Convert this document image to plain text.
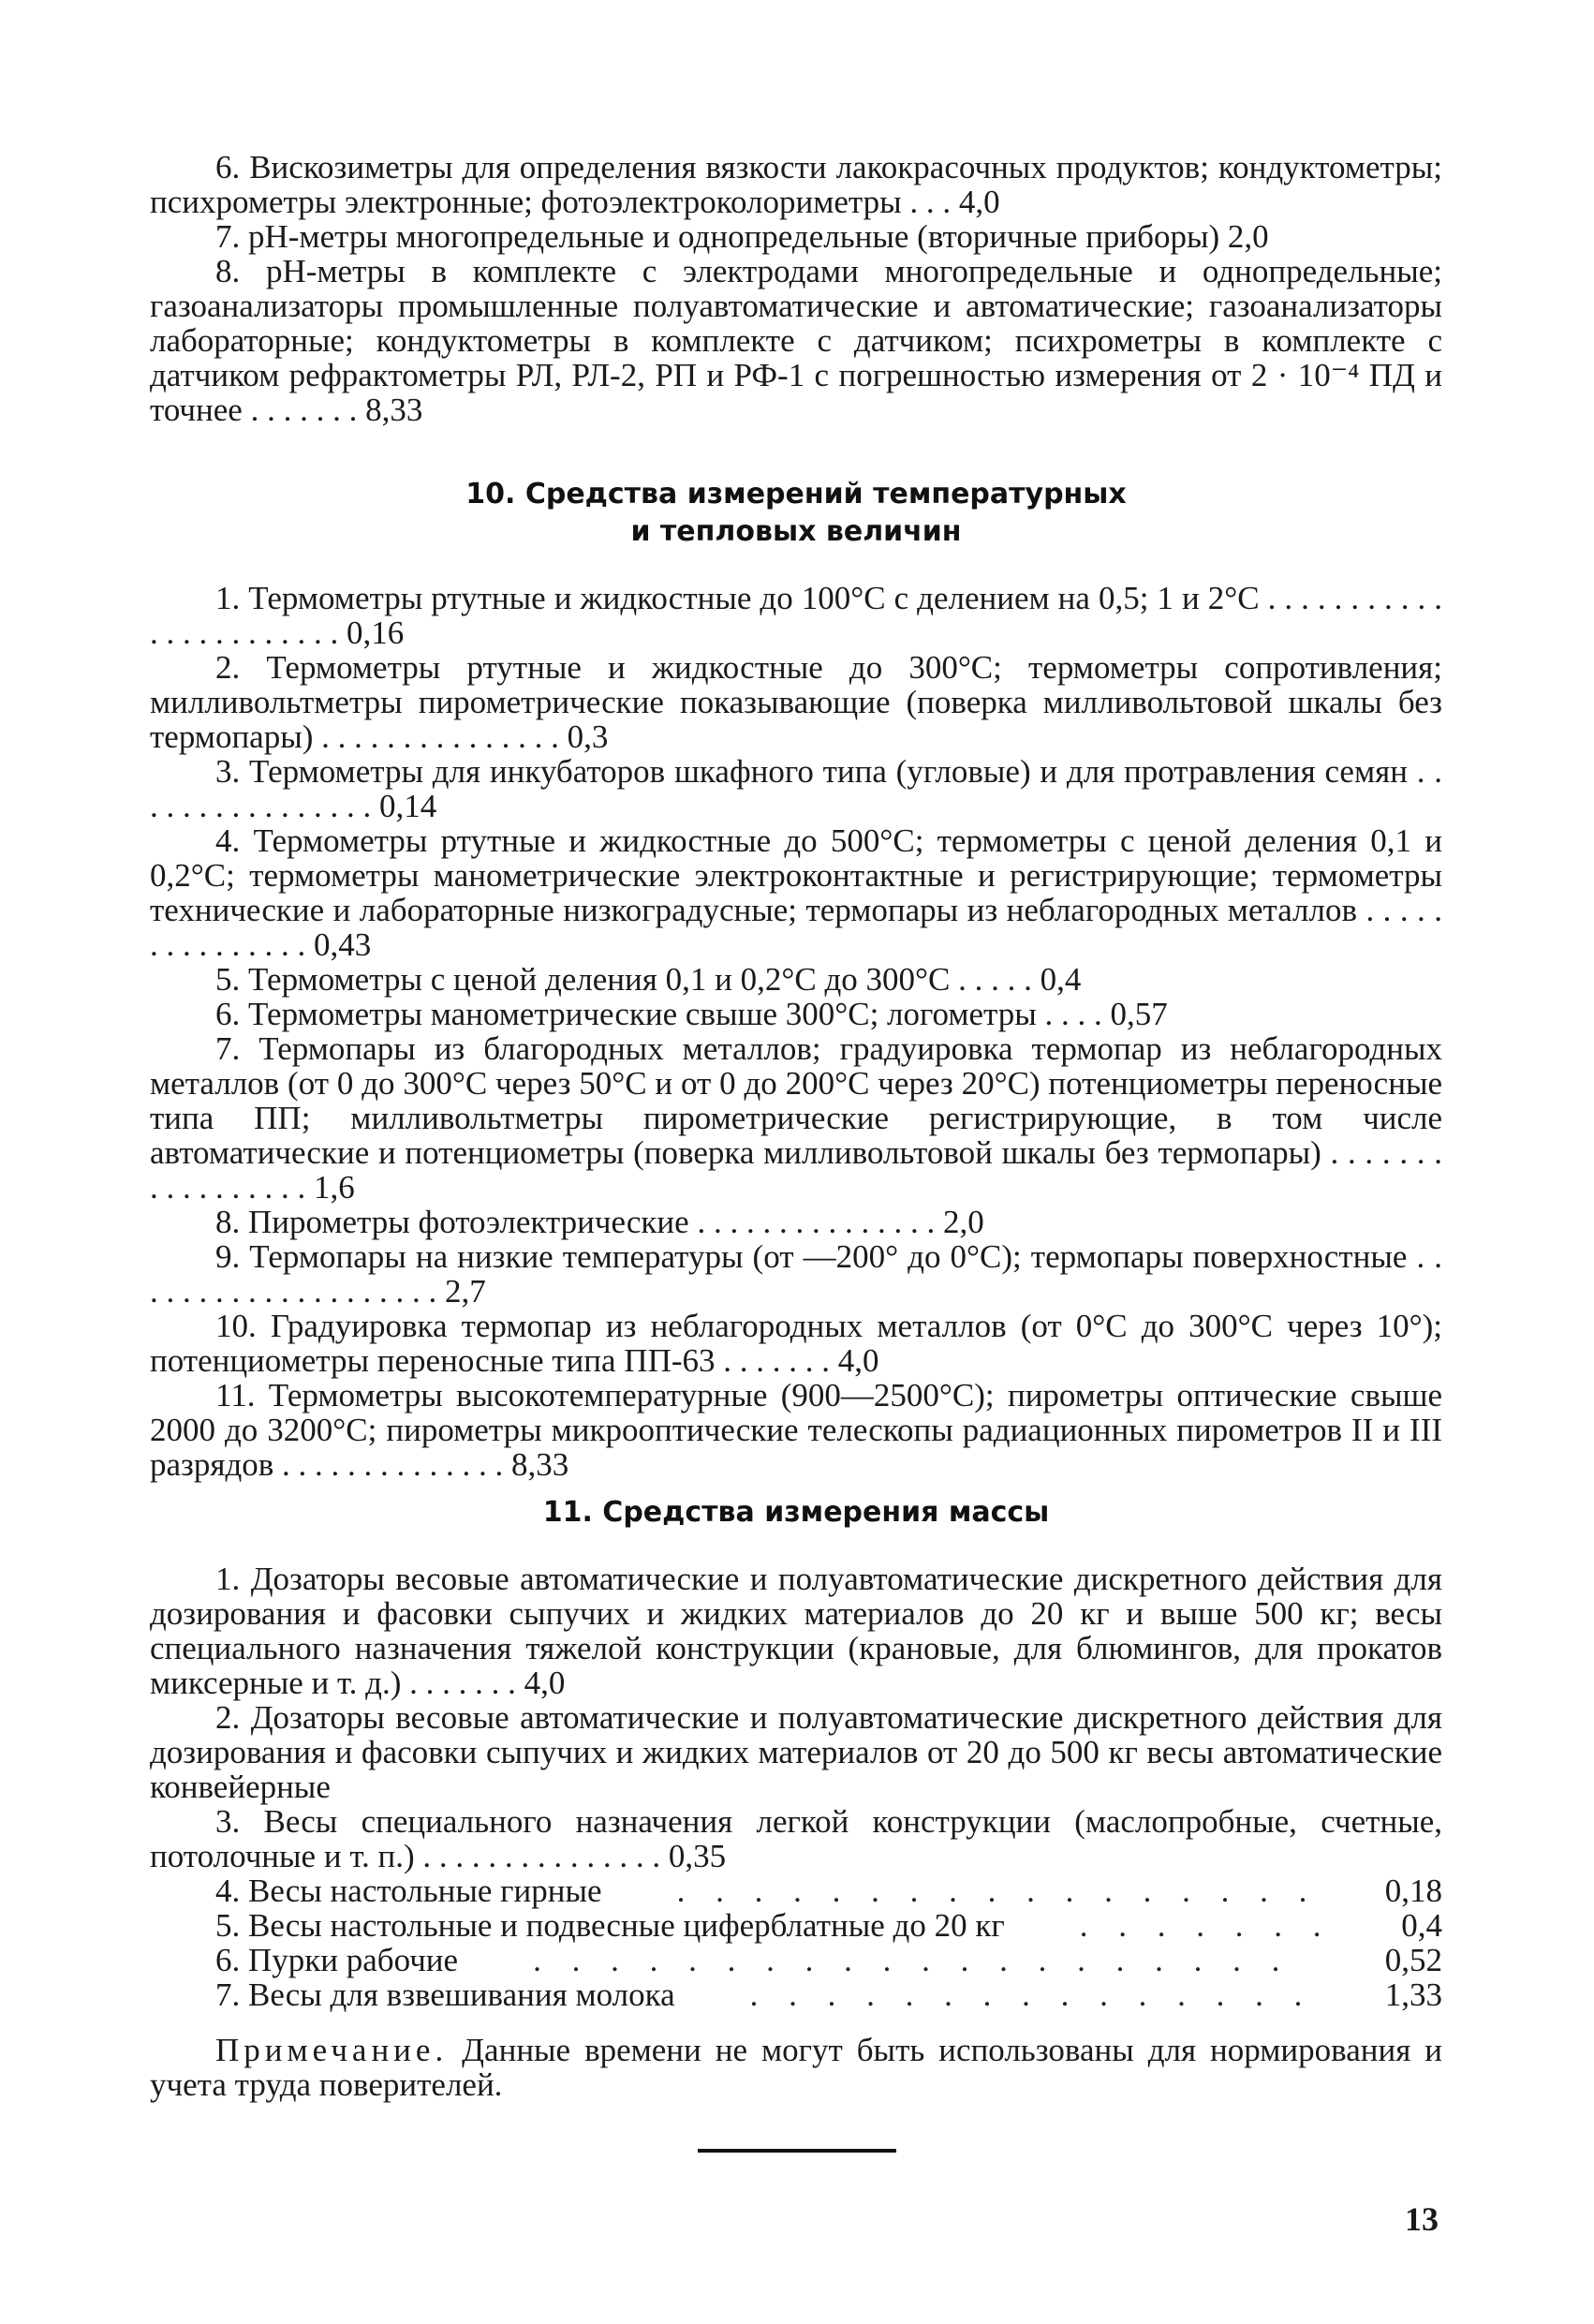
6. Вискозиметры для определения вязкости лакокрасочных продуктов; кондуктометры; психрометры электронные; фотоэлектроколориметры . . . 4,0
7. pH-метры многопредельные и однопредельные (вторичные приборы) 2,0
8. pH-метры в комплекте с электродами многопредельные и однопредельные; газоанализаторы промышленные полуавтоматические и автоматические; газоанализаторы лабораторные; кондуктометры в комплекте с датчиком; психрометры в комплекте с датчиком рефрактометры РЛ, РЛ-2, РП и РФ-1 с погрешностью измерения от 2 · 10⁻⁴ ПД и точнее . . . . . . . 8,33
10. Средства измерений температурных
и тепловых величин
1. Термометры ртутные и жидкостные до 100°C с делением на 0,5; 1 и 2°C . . . . . . . . . . . . . . . . . . . . . . . 0,16
2. Термометры ртутные и жидкостные до 300°C; термометры сопротивления; милливольтметры пирометрические показывающие (поверка милливольтовой шкалы без термопары) . . . . . . . . . . . . . . . 0,3
3. Термометры для инкубаторов шкафного типа (угловые) и для протравления семян . . . . . . . . . . . . . . . . 0,14
4. Термометры ртутные и жидкостные до 500°C; термометры с ценой деления 0,1 и 0,2°C; термометры манометрические электроконтактные и регистрирующие; термометры технические и лабораторные низкоградусные; термопары из неблагородных металлов . . . . . . . . . . . . . . . 0,43
5. Термометры с ценой деления 0,1 и 0,2°C до 300°C . . . . . 0,4
6. Термометры манометрические свыше 300°C; логометры . . . . 0,57
7. Термопары из благородных металлов; градуировка термопар из неблагородных металлов (от 0 до 300°C через 50°C и от 0 до 200°C через 20°C) потенциометры переносные типа ПП; милливольтметры пирометрические регистрирующие, в том числе автоматические и потенциометры (поверка милливольтовой шкалы без термопары) . . . . . . . . . . . . . . . . . 1,6
8. Пирометры фотоэлектрические . . . . . . . . . . . . . . . 2,0
9. Термопары на низкие температуры (от —200° до 0°C); термопары поверхностные . . . . . . . . . . . . . . . . . . . . 2,7
10. Градуировка термопар из неблагородных металлов (от 0°C до 300°C через 10°); потенциометры переносные типа ПП-63 . . . . . . . 4,0
11. Термометры высокотемпературные (900—2500°C); пирометры оптические свыше 2000 до 3200°C; пирометры микрооптические телескопы радиационных пирометров II и III разрядов . . . . . . . . . . . . . . 8,33
11. Средства измерения массы
1. Дозаторы весовые автоматические и полуавтоматические дискретного действия для дозирования и фасовки сыпучих и жидких материалов до 20 кг и выше 500 кг; весы специального назначения тяжелой конструкции (крановые, для блюмингов, для прокатов миксерные и т. д.) . . . . . . . 4,0
2. Дозаторы весовые автоматические и полуавтоматические дискретного действия для дозирования и фасовки сыпучих и жидких материалов от 20 до 500 кг весы автоматические конвейерные
3. Весы специального назначения легкой конструкции (маслопробные, счетные, потолочные и т. п.) . . . . . . . . . . . . . . . 0,35
4. Весы настольные гирные . . .	0,18
5. Весы настольные и подвесные циферблатные до 20 кг . . .	0,4
6. Пурки рабочие . . .	0,52
7. Весы для взвешивания молока . . .	1,33
Примечание. Данные времени не могут быть использованы для нормирования и учета труда поверителей.
13
